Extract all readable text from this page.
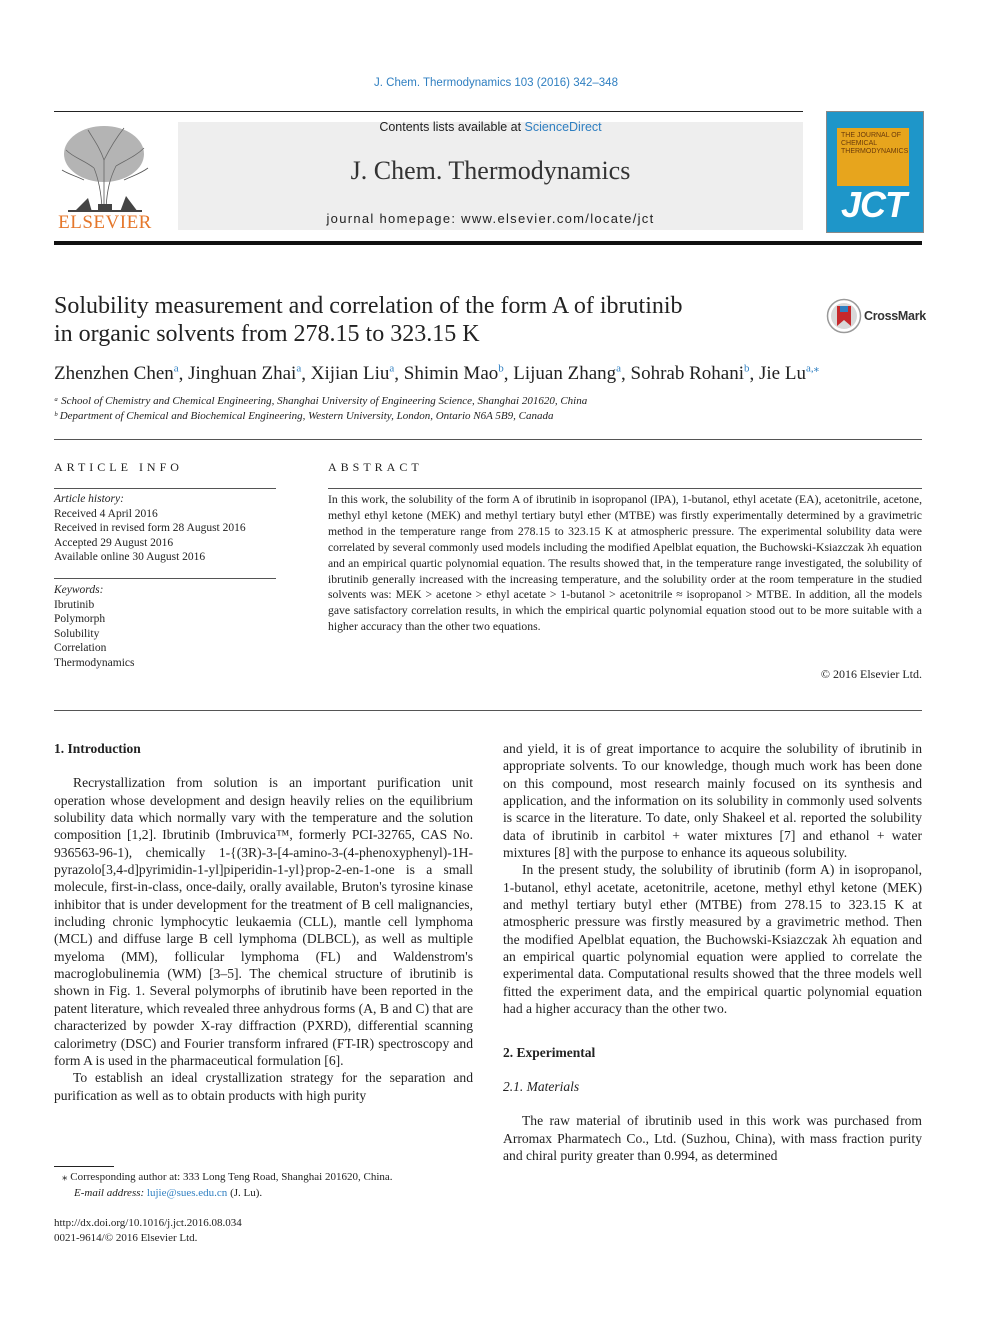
J. Chem. Thermodynamics 103 (2016) 342–348
ELSEVIER
Contents lists available at ScienceDirect
J. Chem. Thermodynamics
journal homepage: www.elsevier.com/locate/jct
THE JOURNAL OF CHEMICAL THERMODYNAMICS
JCT
Solubility measurement and correlation of the form A of ibrutinib
in organic solvents from 278.15 to 323.15 K
CrossMark
Zhenzhen Chen$^a$, Jinghuan Zhai$^a$, Xijian Liu$^a$, Shimin Mao$^b$, Lijuan Zhang$^a$, Sohrab Rohani$^b$, Jie $Lu^{a,⁎}$
ᵃ School of Chemistry and Chemical Engineering, Shanghai University of Engineering Science, Shanghai 201620, China
ᵇ Department of Chemical and Biochemical Engineering, Western University, London, Ontario N6A 5B9, Canada
ARTICLE INFO
Article history:
Received 4 April 2016
Received in revised form 28 August 2016
Accepted 29 August 2016
Available online 30 August 2016
Keywords:
Ibrutinib
Polymorph
Solubility
Correlation
Thermodynamics
ABSTRACT
In this work, the solubility of the form A of ibrutinib in isopropanol (IPA), 1-butanol, ethyl acetate (EA), acetonitrile, acetone, methyl ethyl ketone (MEK) and methyl tertiary butyl ether (MTBE) was firstly experimentally determined by a gravimetric method in the temperature range from 278.15 to 323.15 K at atmospheric pressure. The experimental solubility data were correlated by several commonly used models including the modified Apelblat equation, the Buchowski-Ksiazczak λh equation and an empirical quartic polynomial equation. The results showed that, in the temperature range investigated, the solubility of ibrutinib generally increased with the increasing temperature, and the solubility order at the room temperature in the studied solvents was: MEK > acetone > ethyl acetate > 1-butanol > acetonitrile ≈ isopropanol > MTBE. In addition, all the models gave satisfactory correlation results, in which the empirical quartic polynomial equation stood out to be more suitable with a higher accuracy than the other two equations.
© 2016 Elsevier Ltd.
1. Introduction

Recrystallization from solution is an important purification unit operation whose development and design heavily relies on the equilibrium solubility data which normally vary with the temperature and the solution composition [1,2]. Ibrutinib (Imbruvica™, formerly PCI-32765, CAS No. 936563-96-1), chemically 1-{(3R)-3-[4-amino-3-(4-phenoxyphenyl)-1H-pyrazolo[3,4-d]pyrimidin-1-yl]piperidin-1-yl}prop-2-en-1-one is a small molecule, first-in-class, once-daily, orally available, Bruton's tyrosine kinase inhibitor that is under development for the treatment of B cell malignancies, including chronic lymphocytic leukaemia (CLL), mantle cell lymphoma (MCL) and diffuse large B cell lymphoma (DLBCL), as well as multiple myeloma (MM), follicular lymphoma (FL) and Waldenstrom's macroglobulinemia (WM) [3–5]. The chemical structure of ibrutinib is shown in Fig. 1. Several polymorphs of ibrutinib have been reported in the patent literature, which revealed three anhydrous forms (A, B and C) that are characterized by powder X-ray diffraction (PXRD), differential scanning calorimetry (DSC) and Fourier transform infrared (FT-IR) spectroscopy and form A is used in the pharmaceutical formulation [6].

To establish an ideal crystallization strategy for the separation and purification as well as to obtain products with high purity

and yield, it is of great importance to acquire the solubility of ibrutinib in appropriate solvents. To our knowledge, though much work has been done on this compound, most research mainly focused on its synthesis and application, and the information on its solubility in commonly used solvents is scarce in the literature. To date, only Shakeel et al. reported the solubility data of ibrutinib in carbitol + water mixtures [7] and ethanol + water mixtures [8] with the purpose to enhance its aqueous solubility.

In the present study, the solubility of ibrutinib (form A) in isopropanol, 1-butanol, ethyl acetate, acetonitrile, acetone, methyl ethyl ketone (MEK) and methyl tertiary butyl ether (MTBE) from 278.15 to 323.15 K at atmospheric pressure was firstly measured by a gravimetric method. Then the modified Apelblat equation, the Buchowski-Ksiazczak λh equation and an empirical quartic polynomial equation were applied to correlate the experimental data. Computational results showed that the three models well fitted the experiment data, and the empirical quartic polynomial equation had a higher accuracy than the other two.

2. Experimental
2.1. Materials

The raw material of ibrutinib used in this work was purchased from Arromax Pharmatech Co., Ltd. (Suzhou, China), with mass fraction purity and chiral purity greater than 0.994, as determined

⁎ Corresponding author at: 333 Long Teng Road, Shanghai 201620, China.
E-mail address: lujie@sues.edu.cn (J. Lu).
http://dx.doi.org/10.1016/j.jct.2016.08.034
0021-9614/© 2016 Elsevier Ltd.
